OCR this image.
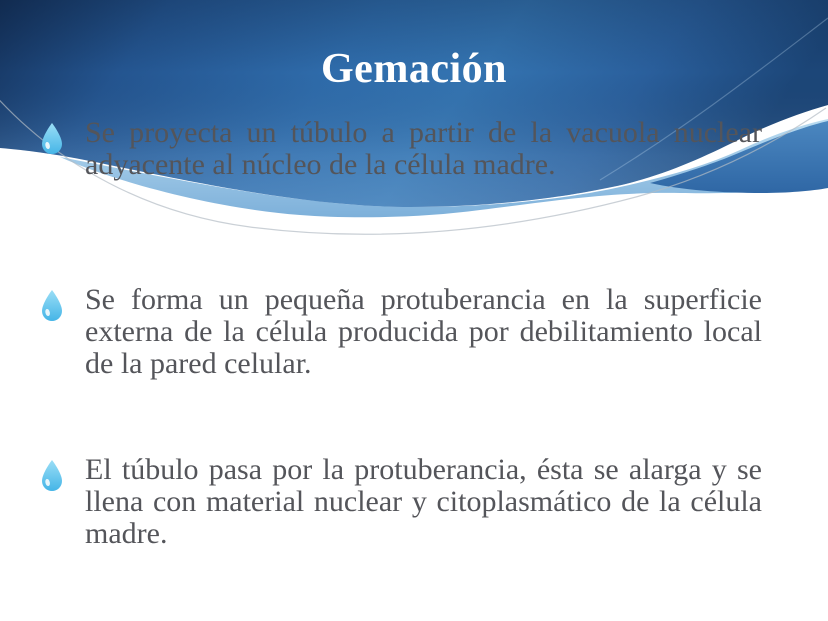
Gemación

Se proyecta un túbulo a partir de la vacuola nuclear adyacente al núcleo de la célula madre.

Se forma un pequeña protuberancia en la superficie externa de la célula producida por debilitamiento local de la pared celular.

El túbulo pasa por la protuberancia, ésta se alarga y se llena con material nuclear y citoplasmático de la célula madre.
